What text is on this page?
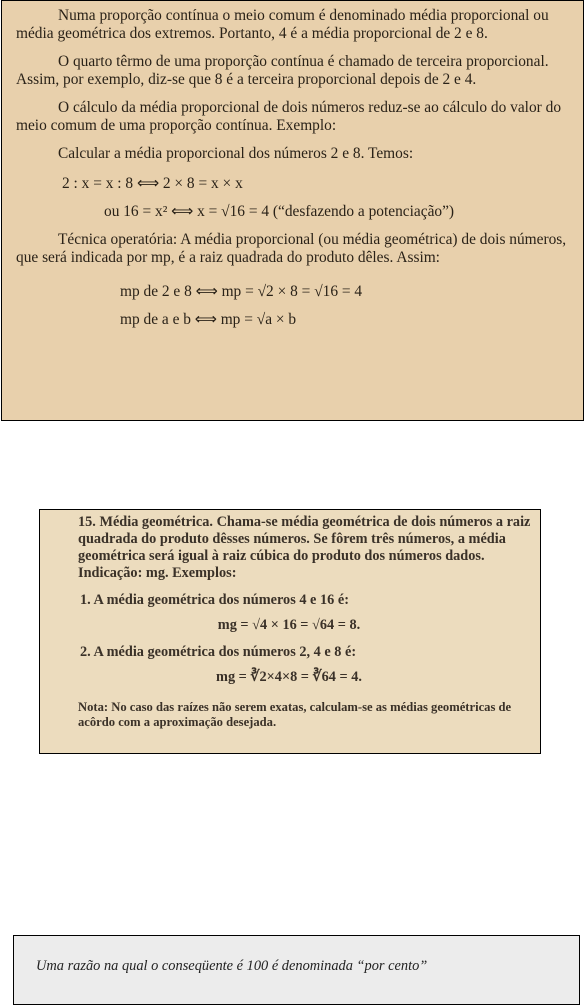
Numa proporção contínua o meio comum é denominado média proporcional ou média geométrica dos extremos. Portanto, 4 é a média proporcional de 2 e 8.

O quarto têrmo de uma proporção contínua é chamado de terceira proporcional. Assim, por exemplo, diz-se que 8 é a terceira proporcional depois de 2 e 4.

O cálculo da média proporcional de dois números reduz-se ao cálculo do valor do meio comum de uma proporção contínua. Exemplo:

Calcular a média proporcional dos números 2 e 8. Temos:

2 : x = x : 8 ⟺ 2 × 8 = x × x

ou 16 = x² ⟺ x = √16 = 4 (“desfazendo a potenciação”)

Técnica operatória: A média proporcional (ou média geométrica) de dois números, que será indicada por mp, é a raiz quadrada do produto dêles. Assim:

mp de 2 e 8 ⟺ mp = √2 × 8 = √16 = 4

mp de a e b ⟺ mp = √a × b

15. Média geométrica. Chama-se média geométrica de dois números a raiz quadrada do produto dêsses números. Se fôrem três números, a média geométrica será igual à raiz cúbica do produto dos números dados. Indicação: mg. Exemplos:

1. A média geométrica dos números 4 e 16 é:

mg = √4 × 16 = √64 = 8.

2. A média geométrica dos números 2, 4 e 8 é:

mg = ∛2×4×8 = ∛64 = 4.

Nota: No caso das raízes não serem exatas, calculam-se as médias geométricas de acôrdo com a aproximação desejada.

Uma razão na qual o conseqüente é 100 é denominada “por cento”
